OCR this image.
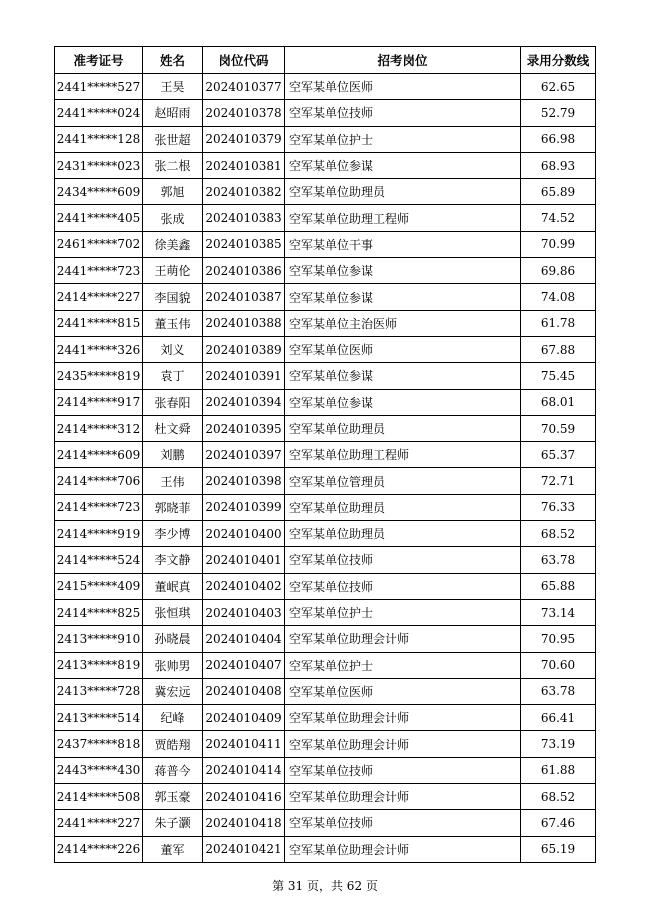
准考证号	姓名	岗位代码	招考岗位	录用分数线
2441*****527	王昊	2024010377	空军某单位医师	62.65
2441*****024	赵昭雨	2024010378	空军某单位技师	52.79
2441*****128	张世超	2024010379	空军某单位护士	66.98
2431*****023	张二根	2024010381	空军某单位参谋	68.93
2434*****609	郭旭	2024010382	空军某单位助理员	65.89
2441*****405	张成	2024010383	空军某单位助理工程师	74.52
2461*****702	徐美鑫	2024010385	空军某单位干事	70.99
2441*****723	王萌伦	2024010386	空军某单位参谋	69.86
2414*****227	李国貌	2024010387	空军某单位参谋	74.08
2441*****815	董玉伟	2024010388	空军某单位主治医师	61.78
2441*****326	刘义	2024010389	空军某单位医师	67.88
2435*****819	袁丁	2024010391	空军某单位参谋	75.45
2414*****917	张春阳	2024010394	空军某单位参谋	68.01
2414*****312	杜文舜	2024010395	空军某单位助理员	70.59
2414*****609	刘鹏	2024010397	空军某单位助理工程师	65.37
2414*****706	王伟	2024010398	空军某单位管理员	72.71
2414*****723	郭晓菲	2024010399	空军某单位助理员	76.33
2414*****919	李少博	2024010400	空军某单位助理员	68.52
2414*****524	李文静	2024010401	空军某单位技师	63.78
2415*****409	董岷真	2024010402	空军某单位技师	65.88
2414*****825	张恒琪	2024010403	空军某单位护士	73.14
2413*****910	孙晓晨	2024010404	空军某单位助理会计师	70.95
2413*****819	张帅男	2024010407	空军某单位护士	70.60
2413*****728	冀宏远	2024010408	空军某单位医师	63.78
2413*****514	纪峰	2024010409	空军某单位助理会计师	66.41
2437*****818	贾皓翔	2024010411	空军某单位助理会计师	73.19
2443*****430	蒋普今	2024010414	空军某单位技师	61.88
2414*****508	郭玉豪	2024010416	空军某单位助理会计师	68.52
2441*****227	朱子灏	2024010418	空军某单位技师	67.46
2414*****226	董军	2024010421	空军某单位助理会计师	65.19
第 31 页，共 62 页
